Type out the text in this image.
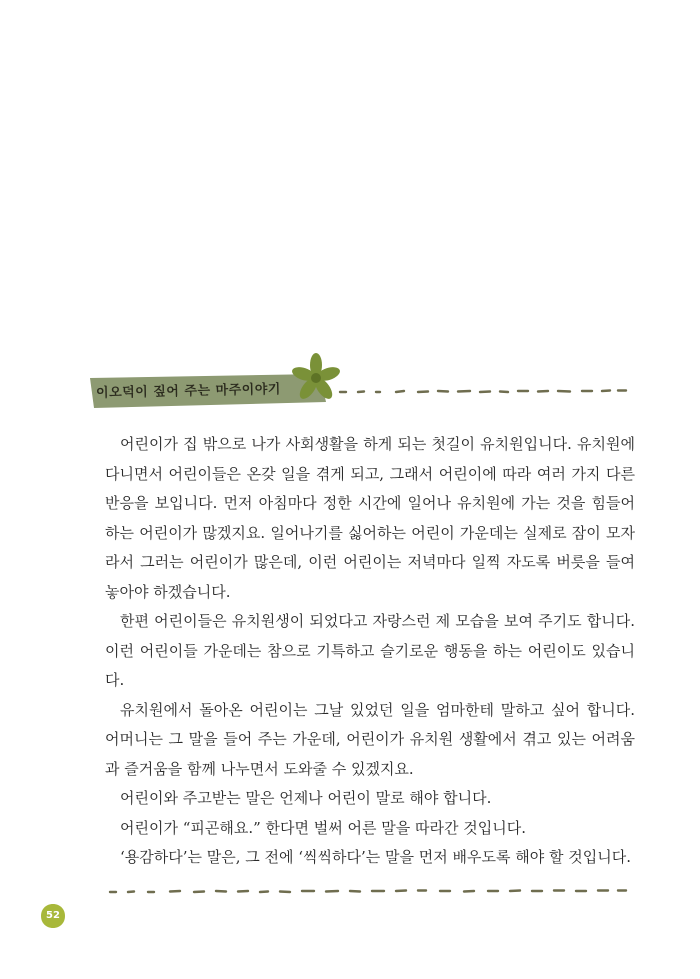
이오덕이 짚어 주는 마주이야기

어린이가 집 밖으로 나가 사회생활을 하게 되는 첫길이 유치원입니다. 유치원에 다니면서 어린이들은 온갖 일을 겪게 되고, 그래서 어린이에 따라 여러 가지 다른 반응을 보입니다. 먼저 아침마다 정한 시간에 일어나 유치원에 가는 것을 힘들어하는 어린이가 많겠지요. 일어나기를 싫어하는 어린이 가운데는 실제로 잠이 모자라서 그러는 어린이가 많은데, 이런 어린이는 저녁마다 일찍 자도록 버릇을 들여 놓아야 하겠습니다.

한편 어린이들은 유치원생이 되었다고 자랑스런 제 모습을 보여 주기도 합니다. 이런 어린이들 가운데는 참으로 기특하고 슬기로운 행동을 하는 어린이도 있습니다.

유치원에서 돌아온 어린이는 그날 있었던 일을 엄마한테 말하고 싶어 합니다. 어머니는 그 말을 들어 주는 가운데, 어린이가 유치원 생활에서 겪고 있는 어려움과 즐거움을 함께 나누면서 도와줄 수 있겠지요.

어린이와 주고받는 말은 언제나 어린이 말로 해야 합니다.

어린이가 “피곤해요.” 한다면 벌써 어른 말을 따라간 것입니다.

‘용감하다’는 말은, 그 전에 ‘씩씩하다’는 말을 먼저 배우도록 해야 할 것입니다.

52
